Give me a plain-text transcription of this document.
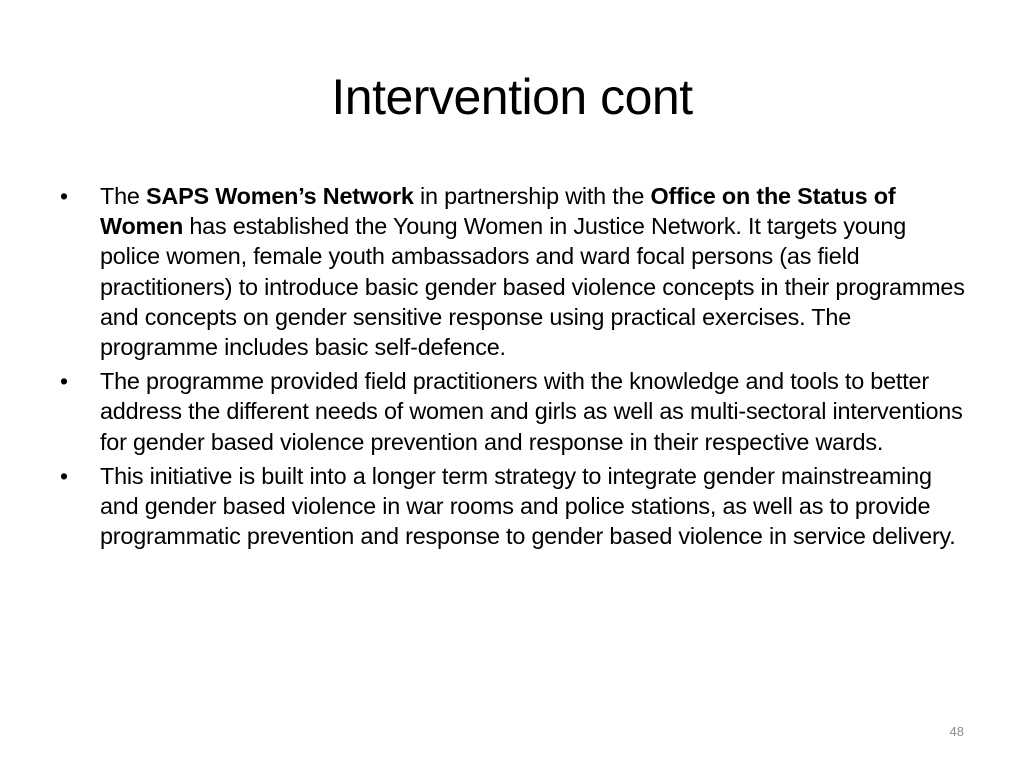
Intervention cont
•	The SAPS Women’s Network in partnership with the Office on the Status of Women has established the Young Women in Justice Network. It targets young police women, female youth ambassadors and ward focal persons (as field practitioners) to introduce basic gender based violence concepts in their programmes and concepts on gender sensitive response using practical exercises. The programme includes basic self-defence.
•	The programme provided field practitioners with the knowledge and tools to better address the different needs of women and girls as well as multi-sectoral interventions for gender based violence prevention and response in their respective wards.
•	This initiative is built into a longer term strategy to integrate gender mainstreaming and gender based violence in war rooms and police stations, as well as to provide programmatic prevention and response to gender based violence in service delivery.
48
